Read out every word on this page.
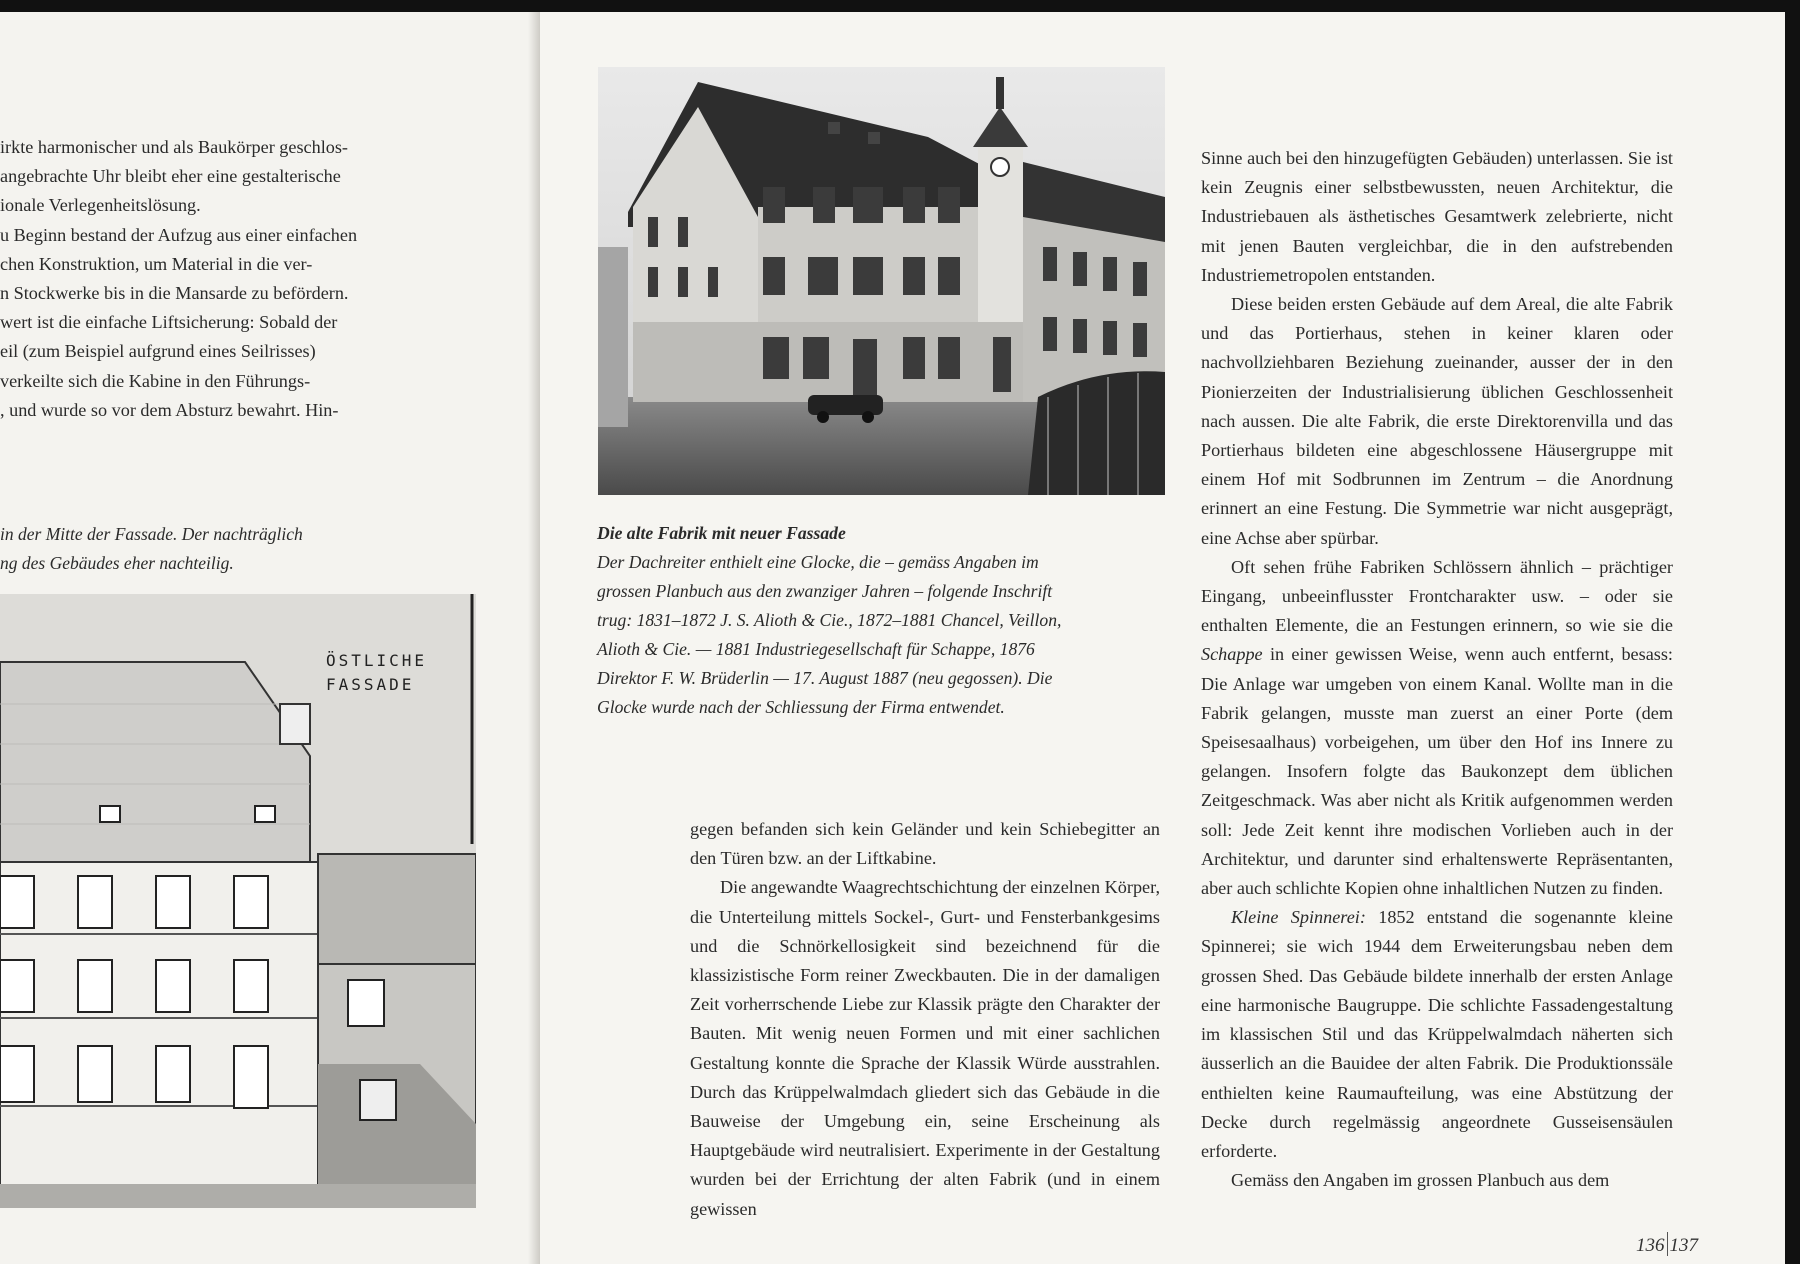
irkte harmonischer und als Baukörper geschlos-
angebrachte Uhr bleibt eher eine gestalterische
ionale Verlegenheitslösung.
u Beginn bestand der Aufzug aus einer einfachen
chen Konstruktion, um Material in die ver-
n Stockwerke bis in die Mansarde zu befördern.
wert ist die einfache Liftsicherung: Sobald der
eil (zum Beispiel aufgrund eines Seilrisses)
verkeilte sich die Kabine in den Führungs-
, und wurde so vor dem Absturz bewahrt. Hin-
in der Mitte der Fassade. Der nachträglich
ng des Gebäudes eher nachteilig.
ÖSTLICHE
FASSADE
Die alte Fabrik mit neuer Fassade
Der Dachreiter enthielt eine Glocke, die – gemäss Angaben im
grossen Planbuch aus den zwanziger Jahren – folgende Inschrift
trug: 1831–1872 J. S. Alioth & Cie., 1872–1881 Chancel, Veillon,
Alioth & Cie. — 1881 Industriegesellschaft für Schappe, 1876
Direktor F. W. Brüderlin — 17. August 1887 (neu gegossen). Die
Glocke wurde nach der Schliessung der Firma entwendet.

gegen befanden sich kein Geländer und kein Schiebegitter an den Türen bzw. an der Liftkabine.

Die angewandte Waagrechtschichtung der einzelnen Körper, die Unterteilung mittels Sockel-, Gurt- und Fensterbankgesims und die Schnörkellosigkeit sind bezeichnend für die klassizistische Form reiner Zweckbauten. Die in der damaligen Zeit vorherrschende Liebe zur Klassik prägte den Charakter der Bauten. Mit wenig neuen Formen und mit einer sachlichen Gestaltung konnte die Sprache der Klassik Würde ausstrahlen. Durch das Krüppelwalmdach gliedert sich das Gebäude in die Bauweise der Umgebung ein, seine Erscheinung als Hauptgebäude wird neutralisiert. Experimente in der Gestaltung wurden bei der Errichtung der alten Fabrik (und in einem gewissen

Sinne auch bei den hinzugefügten Gebäuden) unterlassen. Sie ist kein Zeugnis einer selbstbewussten, neuen Architektur, die Industriebauen als ästhetisches Gesamtwerk zelebrierte, nicht mit jenen Bauten vergleichbar, die in den aufstrebenden Industriemetropolen entstanden.

Diese beiden ersten Gebäude auf dem Areal, die alte Fabrik und das Portierhaus, stehen in keiner klaren oder nachvollziehbaren Beziehung zueinander, ausser der in den Pionierzeiten der Industrialisierung üblichen Geschlossenheit nach aussen. Die alte Fabrik, die erste Direktorenvilla und das Portierhaus bildeten eine abgeschlossene Häusergruppe mit einem Hof mit Sodbrunnen im Zentrum – die Anordnung erinnert an eine Festung. Die Symmetrie war nicht ausgeprägt, eine Achse aber spürbar.

Oft sehen frühe Fabriken Schlössern ähnlich – prächtiger Eingang, unbeeinflusster Frontcharakter usw. – oder sie enthalten Elemente, die an Festungen erinnern, so wie sie die Schappe in einer gewissen Weise, wenn auch entfernt, besass: Die Anlage war umgeben von einem Kanal. Wollte man in die Fabrik gelangen, musste man zuerst an einer Porte (dem Speisesaalhaus) vorbeigehen, um über den Hof ins Innere zu gelangen. Insofern folgte das Baukonzept dem üblichen Zeitgeschmack. Was aber nicht als Kritik aufgenommen werden soll: Jede Zeit kennt ihre modischen Vorlieben auch in der Architektur, und darunter sind erhaltenswerte Repräsentanten, aber auch schlichte Kopien ohne inhaltlichen Nutzen zu finden.

Kleine Spinnerei: 1852 entstand die sogenannte kleine Spinnerei; sie wich 1944 dem Erweiterungsbau neben dem grossen Shed. Das Gebäude bildete innerhalb der ersten Anlage eine harmonische Baugruppe. Die schlichte Fassadengestaltung im klassischen Stil und das Krüppelwalmdach näherten sich äusserlich an die Bauidee der alten Fabrik. Die Produktionssäle enthielten keine Raumaufteilung, was eine Abstützung der Decke durch regelmässig angeordnete Gusseisensäulen erforderte.

Gemäss den Angaben im grossen Planbuch aus dem

136 137
